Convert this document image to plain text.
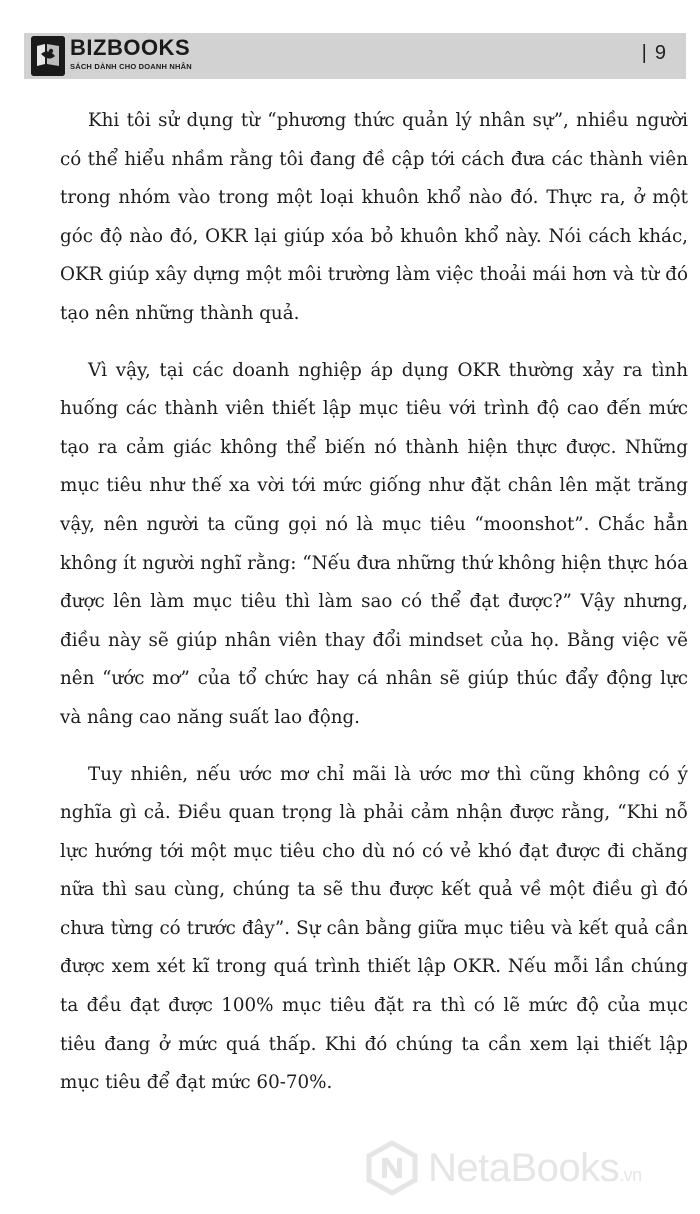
BIZBOOKS
SÁCH DÀNH CHO DOANH NHÂN
| 9

Khi tôi sử dụng từ “phương thức quản lý nhân sự”, nhiều người có thể hiểu nhầm rằng tôi đang đề cập tới cách đưa các thành viên trong nhóm vào trong một loại khuôn khổ nào đó. Thực ra, ở một góc độ nào đó, OKR lại giúp xóa bỏ khuôn khổ này. Nói cách khác, OKR giúp xây dựng một môi trường làm việc thoải mái hơn và từ đó tạo nên những thành quả.

Vì vậy, tại các doanh nghiệp áp dụng OKR thường xảy ra tình huống các thành viên thiết lập mục tiêu với trình độ cao đến mức tạo ra cảm giác không thể biến nó thành hiện thực được. Những mục tiêu như thế xa vời tới mức giống như đặt chân lên mặt trăng vậy, nên người ta cũng gọi nó là mục tiêu “moonshot”. Chắc hẳn không ít người nghĩ rằng: “Nếu đưa những thứ không hiện thực hóa được lên làm mục tiêu thì làm sao có thể đạt được?” Vậy nhưng, điều này sẽ giúp nhân viên thay đổi mindset của họ. Bằng việc vẽ nên “ước mơ” của tổ chức hay cá nhân sẽ giúp thúc đẩy động lực và nâng cao năng suất lao động.

Tuy nhiên, nếu ước mơ chỉ mãi là ước mơ thì cũng không có ý nghĩa gì cả. Điều quan trọng là phải cảm nhận được rằng, “Khi nỗ lực hướng tới một mục tiêu cho dù nó có vẻ khó đạt được đi chăng nữa thì sau cùng, chúng ta sẽ thu được kết quả về một điều gì đó chưa từng có trước đây”. Sự cân bằng giữa mục tiêu và kết quả cần được xem xét kĩ trong quá trình thiết lập OKR. Nếu mỗi lần chúng ta đều đạt được 100% mục tiêu đặt ra thì có lẽ mức độ của mục tiêu đang ở mức quá thấp. Khi đó chúng ta cần xem lại thiết lập mục tiêu để đạt mức 60-70%.

NetaBooks.vn
